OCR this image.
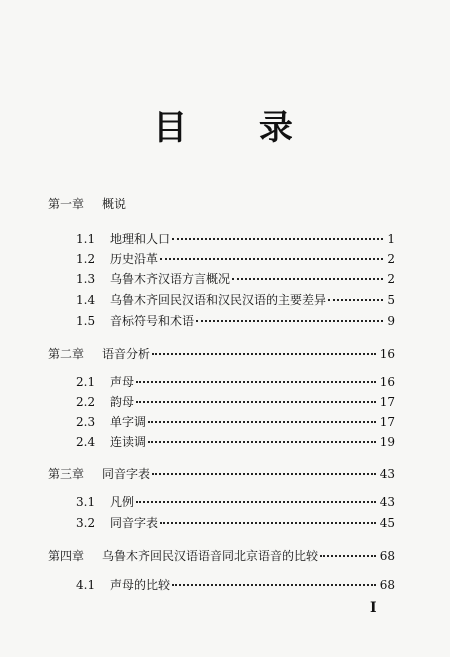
目 录
第一章	概说
1.1	地理和人口	1
1.2	历史沿革	2
1.3	乌鲁木齐汉语方言概况	2
1.4	乌鲁木齐回民汉语和汉民汉语的主要差异	5
1.5	音标符号和术语	9
第二章	语音分析	16
2.1	声母	16
2.2	韵母	17
2.3	单字调	17
2.4	连读调	19
第三章	同音字表	43
3.1	凡例	43
3.2	同音字表	45
第四章	乌鲁木齐回民汉语语音同北京语音的比较	68
4.1	声母的比较	68
I
